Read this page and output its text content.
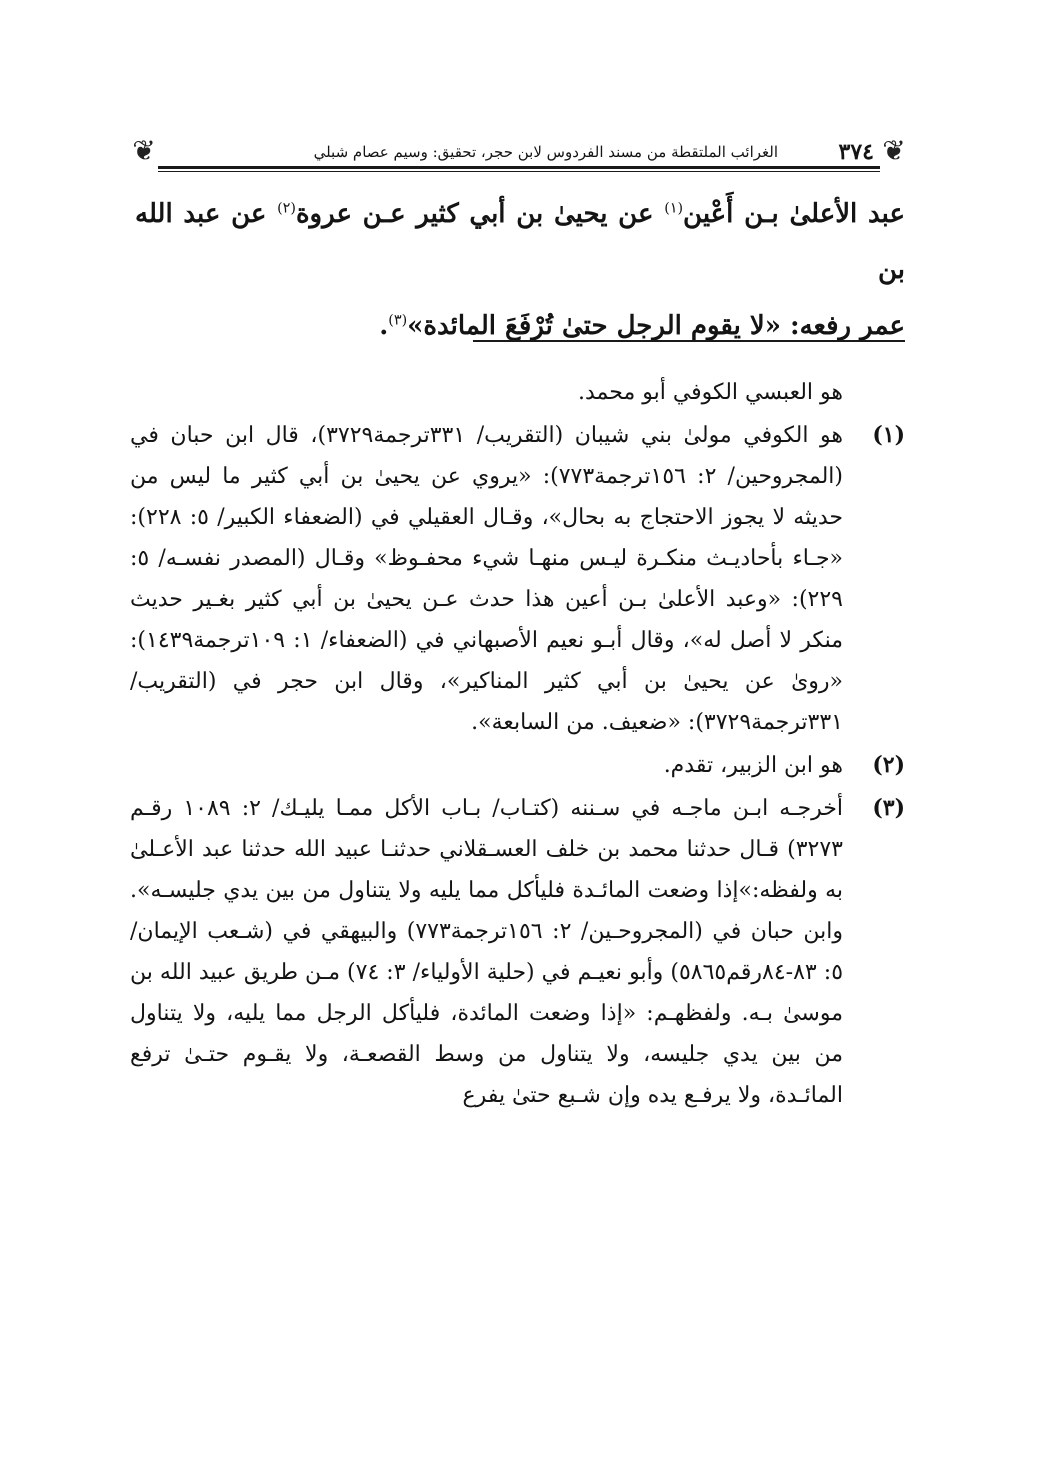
❦
٣٧٤
الغرائب الملتقطة من مسند الفردوس لابن حجر، تحقيق: وسيم عصام شبلي
❦
عبد الأعلىٰ بـن أَعْين$^{(١)}$ عن يحيىٰ بن أبي كثير عـن عروة$^{(٢)}$ عن عبد الله بن
عمر رفعه: «لا يقوم الرجل حتىٰ تُرْفَعَ المائدة»$^{(٣)}$.
هو العبسي الكوفي أبو محمد.
(١)
هو الكوفي مولىٰ بني شيبان (التقريب/ ٣٣١ترجمة٣٧٢٩)، قال ابن حبان في (المجروحين/ ٢: ١٥٦ترجمة٧٧٣): «يروي عن يحيىٰ بن أبي كثير ما ليس من حديثه لا يجوز الاحتجاج به بحال»، وقـال العقيلي في (الضعفاء الكبير/ ٥: ٢٢٨): «جـاء بأحاديـث منكـرة ليـس منهـا شيء محفـوظ» وقـال (المصدر نفسـه/ ٥: ٢٢٩): «وعبد الأعلىٰ بـن أعين هذا حدث عـن يحيىٰ بن أبي كثير بغـير حديث منكر لا أصل له»، وقال أبـو نعيم الأصبهاني في (الضعفاء/ ١: ١٠٩ترجمة١٤٣٩): «روىٰ عن يحيىٰ بن أبي كثير المناكير»، وقال ابن حجر في (التقريب/ ٣٣١ترجمة٣٧٢٩): «ضعيف. من السابعة».
(٢)
هو ابن الزبير، تقدم.
(٣)
أخرجـه ابـن ماجـه في سـننه (كتـاب/ بـاب الأكل ممـا يليـك/ ٢: ١٠٨٩ رقـم ٣٢٧٣) قـال حدثنا محمد بن خلف العسـقلاني حدثنـا عبيد الله حدثنا عبد الأعـلىٰ به ولفظه:»إذا وضعت المائـدة فليأكل مما يليه ولا يتناول من بين يدي جليسـه». وابن حبان في (المجروحـين/ ٢: ١٥٦ترجمة٧٧٣) والبيهقي في (شـعب الإيمان/ ٥: ٨٣-٨٤رقم٥٨٦٥) وأبو نعيـم في (حلية الأولياء/ ٣: ٧٤) مـن طريق عبيد الله بن موسىٰ بـه. ولفظهـم: «إذا وضعت المائدة، فليأكل الرجل مما يليه، ولا يتناول من بين يدي جليسه، ولا يتناول من وسط القصعـة، ولا يقـوم حتـىٰ ترفع المائـدة، ولا يرفـع يده وإن شـبع حتىٰ يفرع
